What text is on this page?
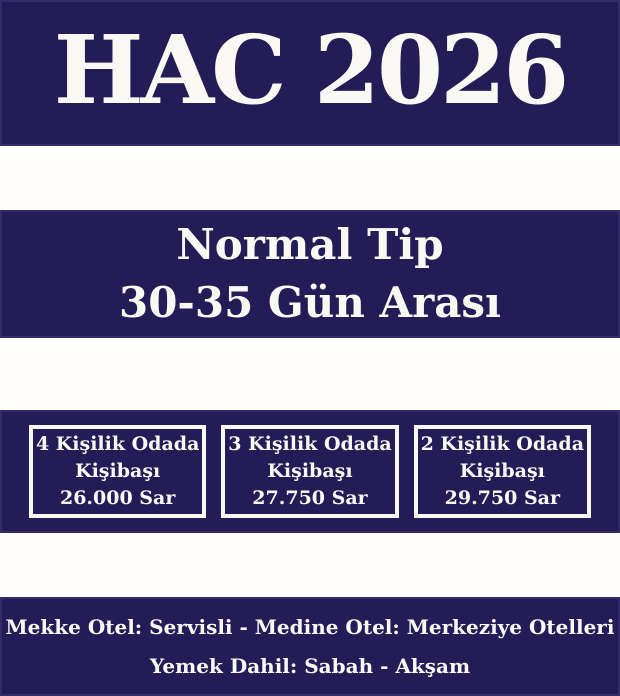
HAC 2026
Normal Tip
30-35 Gün Arası
4 Kişilik Odada
Kişibaşı
26.000 Sar
3 Kişilik Odada
Kişibaşı
27.750 Sar
2 Kişilik Odada
Kişibaşı
29.750 Sar
Mekke Otel: Servisli - Medine Otel: Merkeziye Otelleri
Yemek Dahil: Sabah - Akşam
